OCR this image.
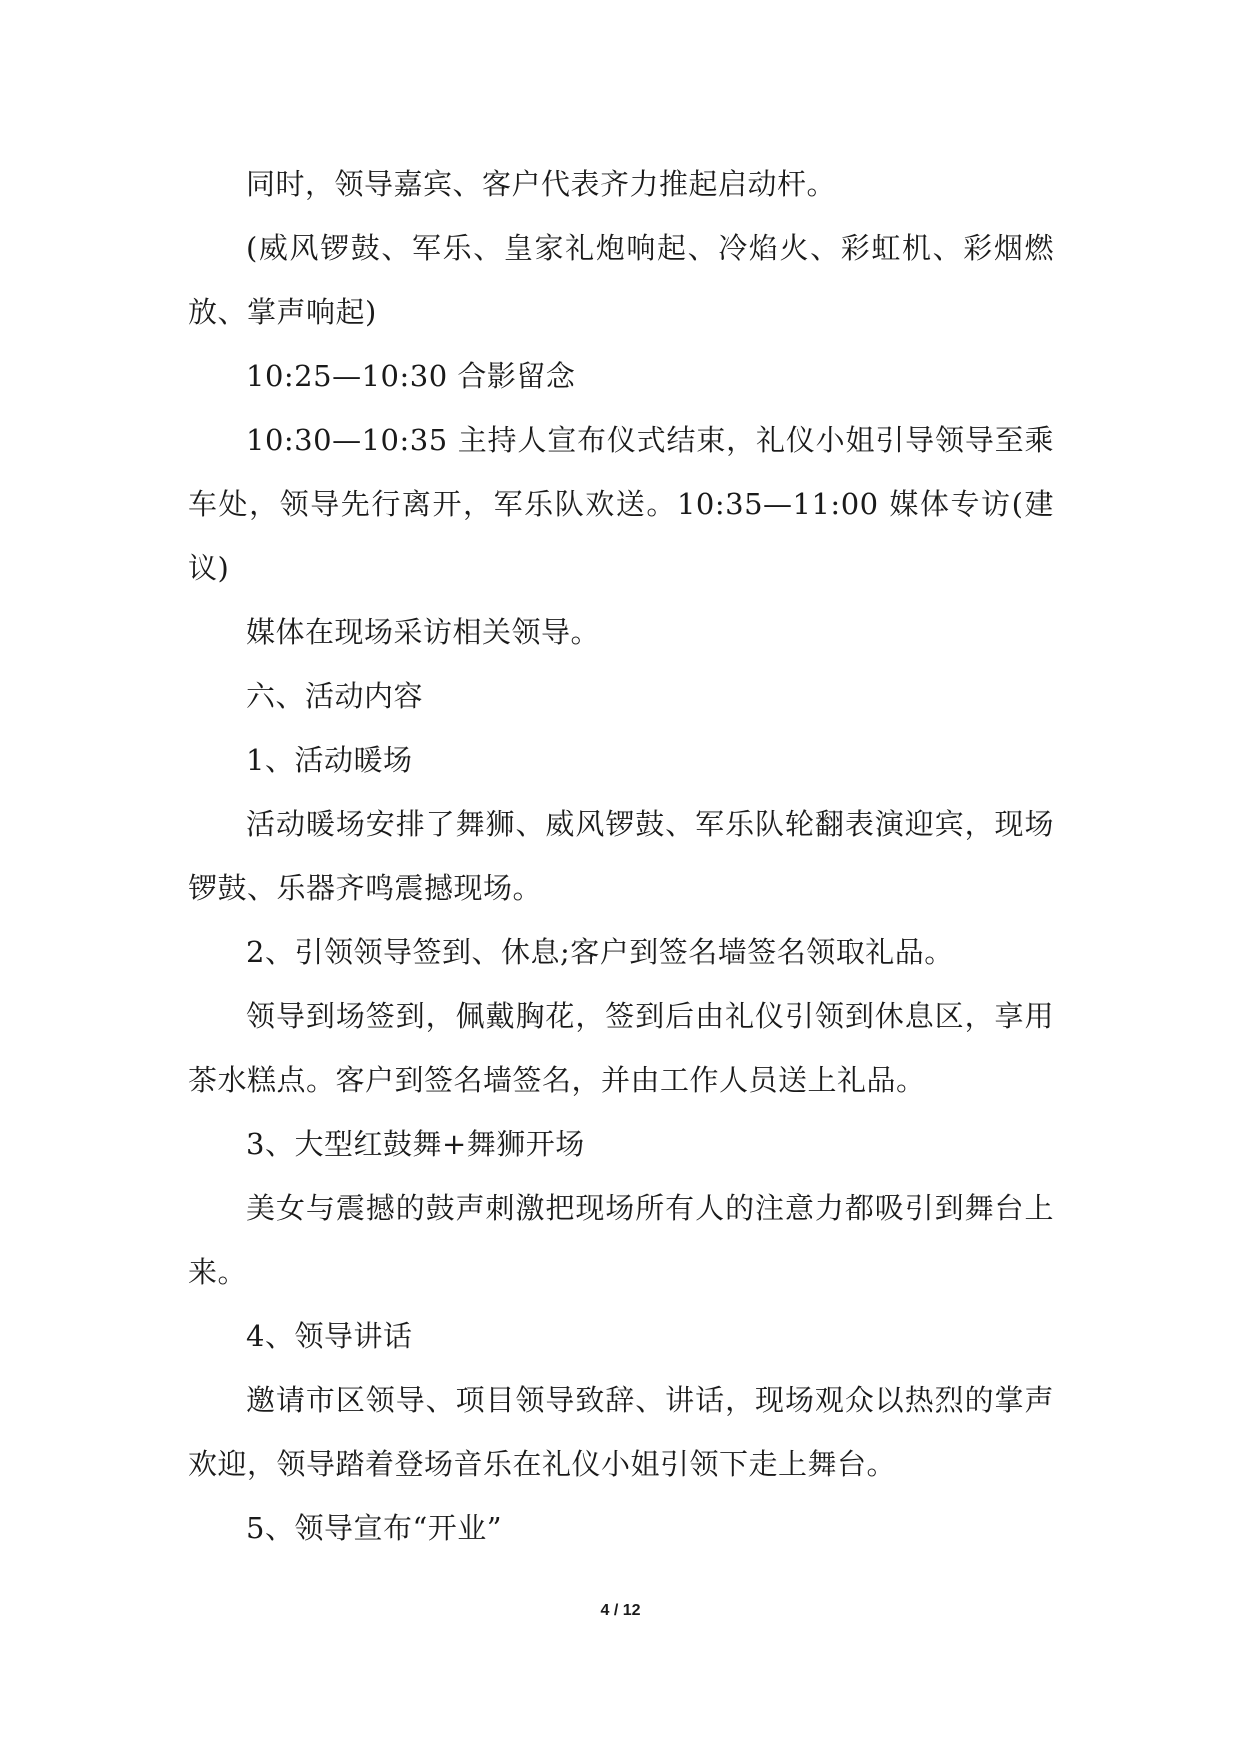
同时，领导嘉宾、客户代表齐力推起启动杆。

(威风锣鼓、军乐、皇家礼炮响起、冷焰火、彩虹机、彩烟燃放、掌声响起)

10:25—10:30 合影留念

10:30—10:35 主持人宣布仪式结束，礼仪小姐引导领导至乘车处，领导先行离开，军乐队欢送。10:35—11:00 媒体专访(建议)

媒体在现场采访相关领导。

六、活动内容

1、活动暖场

活动暖场安排了舞狮、威风锣鼓、军乐队轮翻表演迎宾，现场锣鼓、乐器齐鸣震撼现场。

2、引领领导签到、休息;客户到签名墙签名领取礼品。

领导到场签到，佩戴胸花，签到后由礼仪引领到休息区，享用茶水糕点。客户到签名墙签名，并由工作人员送上礼品。

3、大型红鼓舞+舞狮开场

美女与震撼的鼓声刺激把现场所有人的注意力都吸引到舞台上来。

4、领导讲话

邀请市区领导、项目领导致辞、讲话，现场观众以热烈的掌声欢迎，领导踏着登场音乐在礼仪小姐引领下走上舞台。

5、领导宣布“开业”

4 / 12
